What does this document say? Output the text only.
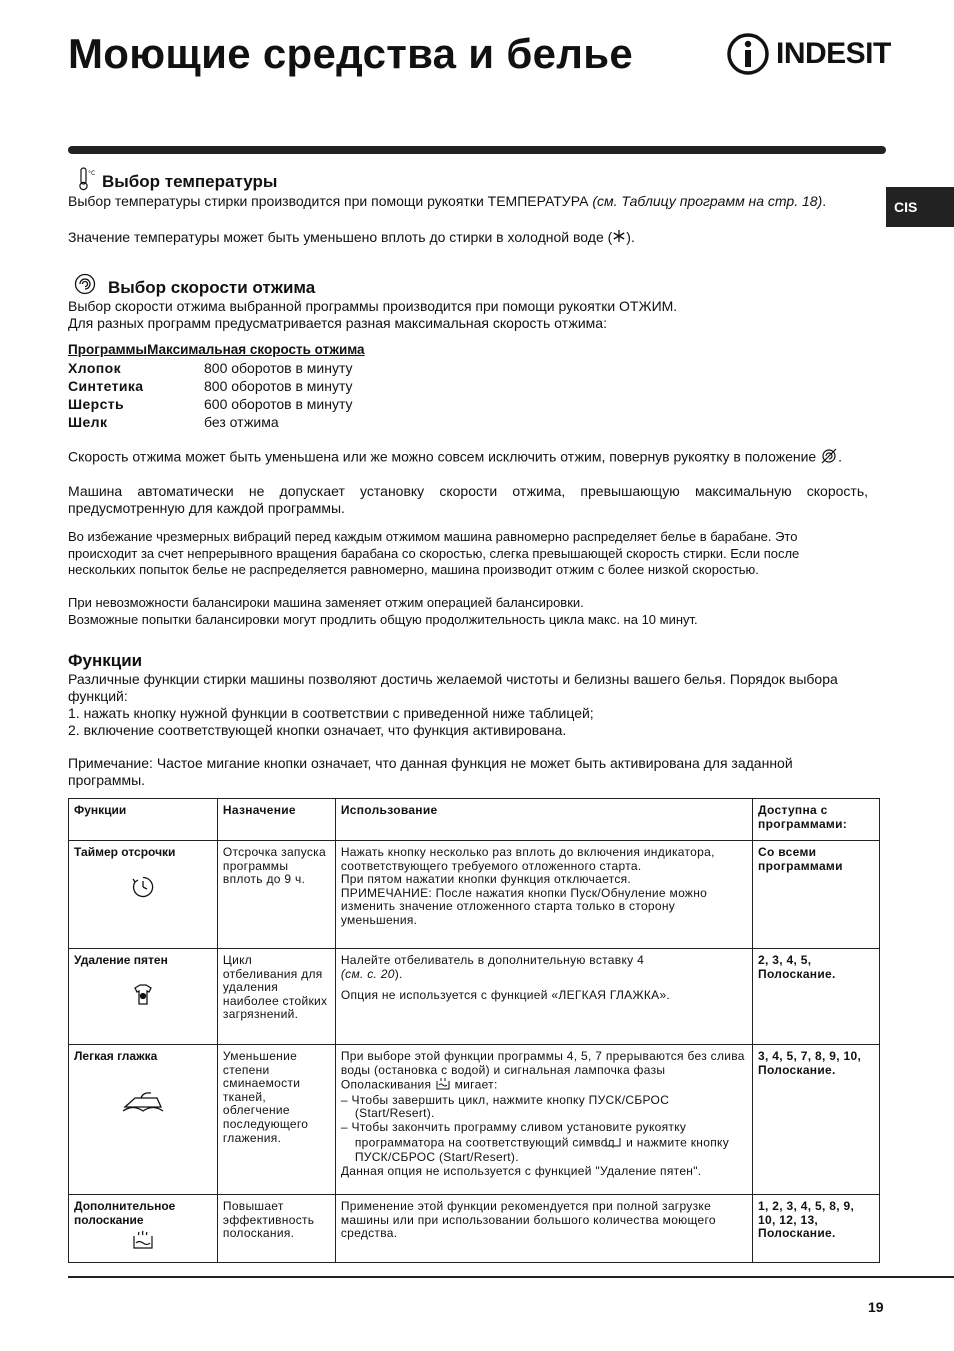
Моющие средства и белье	INDESIT
CIS
°C Выбор температуры
Выбор температуры стирки производится при помощи рукоятки ТЕМПЕРАТУРА (см. Таблицу программ на стр. 18).
Значение температуры может быть уменьшено вплоть до стирки в холодной воде ( ).
Выбор скорости отжима
Выбор скорости отжима выбранной программы производится при помощи рукоятки ОТЖИМ.
Для разных программ предусматривается разная максимальная скорость отжима:
ПрограммыМаксимальная скорость отжима
Хлопок	800 оборотов в минуту
Синтетика	800 оборотов в минуту
Шерсть	600 оборотов в минуту
Шелк	без отжима
Скорость отжима может быть уменьшена или же можно совсем исключить отжим, повернув рукоятку в положение .
Машина автоматически не допускает установку скорости отжима, превышающую максимальную скорость, предусмотренную для каждой программы.
Во избежание чрезмерных вибраций перед каждым отжимом машина равномерно распределяет белье в барабане. Это происходит за счет непрерывного вращения барабана со скоростью, слегка превышающей скорость стирки. Если после нескольких попыток белье не распределяется равномерно, машина производит отжим с более низкой скоростью.
При невозможности балансироки машина заменяет отжим операцией балансировки.
Возможные попытки балансировки могут продлить общую продолжительность цикла макс. на 10 минут.
Функции
Различные функции стирки машины позволяют достичь желаемой чистоты и белизны вашего белья. Порядок выбора функций:
1. нажать кнопку нужной функции в соответствии с приведенной ниже таблицей;
2. включение соответствующей кнопки означает, что функция активирована.
Примечание: Частое мигание кнопки означает, что данная функция не может быть активирована для заданной программы.
Функции	Назначение	Использование	Доступна с программами:

Таймер отсрочки	Отсрочка запуска программы вплоть до 9 ч.	Нажать кнопку несколько раз вплоть до включения индикатора, соответствующего требуемого отложенного старта.
При пятом нажатии кнопки функция отключается.
ПРИМЕЧАНИЕ: После нажатия кнопки Пуск/Обнуление можно изменить значение отложенного старта только в сторону уменьшения.	Со всеми программами

Удаление пятен	Цикл отбеливания для удаления наиболее стойких загрязнений.	Налейте отбеливатель в дополнительную вставку 4
(см. с. 20).
Опция не используется с функцией «ЛЕГКАЯ ГЛАЖКА».	2, 3, 4, 5, Полоскание.

Легкая глажка	Уменьшение степени сминаемости тканей, облегчение последующего глажения.	При выборе этой функции программы 4, 5, 7 прерываются без слива воды (остановка с водой) и сигнальная лампочка фазы Ополаскивания  мигает:
– Чтобы завершить цикл, нажмите кнопку ПУСК/СБРОС (Start/Resert).
– Чтобы закончить программу сливом установите рукоятку программатора на соответствующий символ  и нажмите кнопку ПУСК/СБРОС (Start/Resert).
Данная опция не используется с функцией "Удаление пятен".	3, 4, 5, 7, 8, 9, 10, Полоскание.

Дополнительное полоскание	Повышает эффективность полоскания.	Применение этой функции рекомендуется при полной загрузке машины или при использовании большого количества моющего средства.	1, 2, 3, 4, 5, 8, 9, 10, 12, 13, Полоскание.
19
